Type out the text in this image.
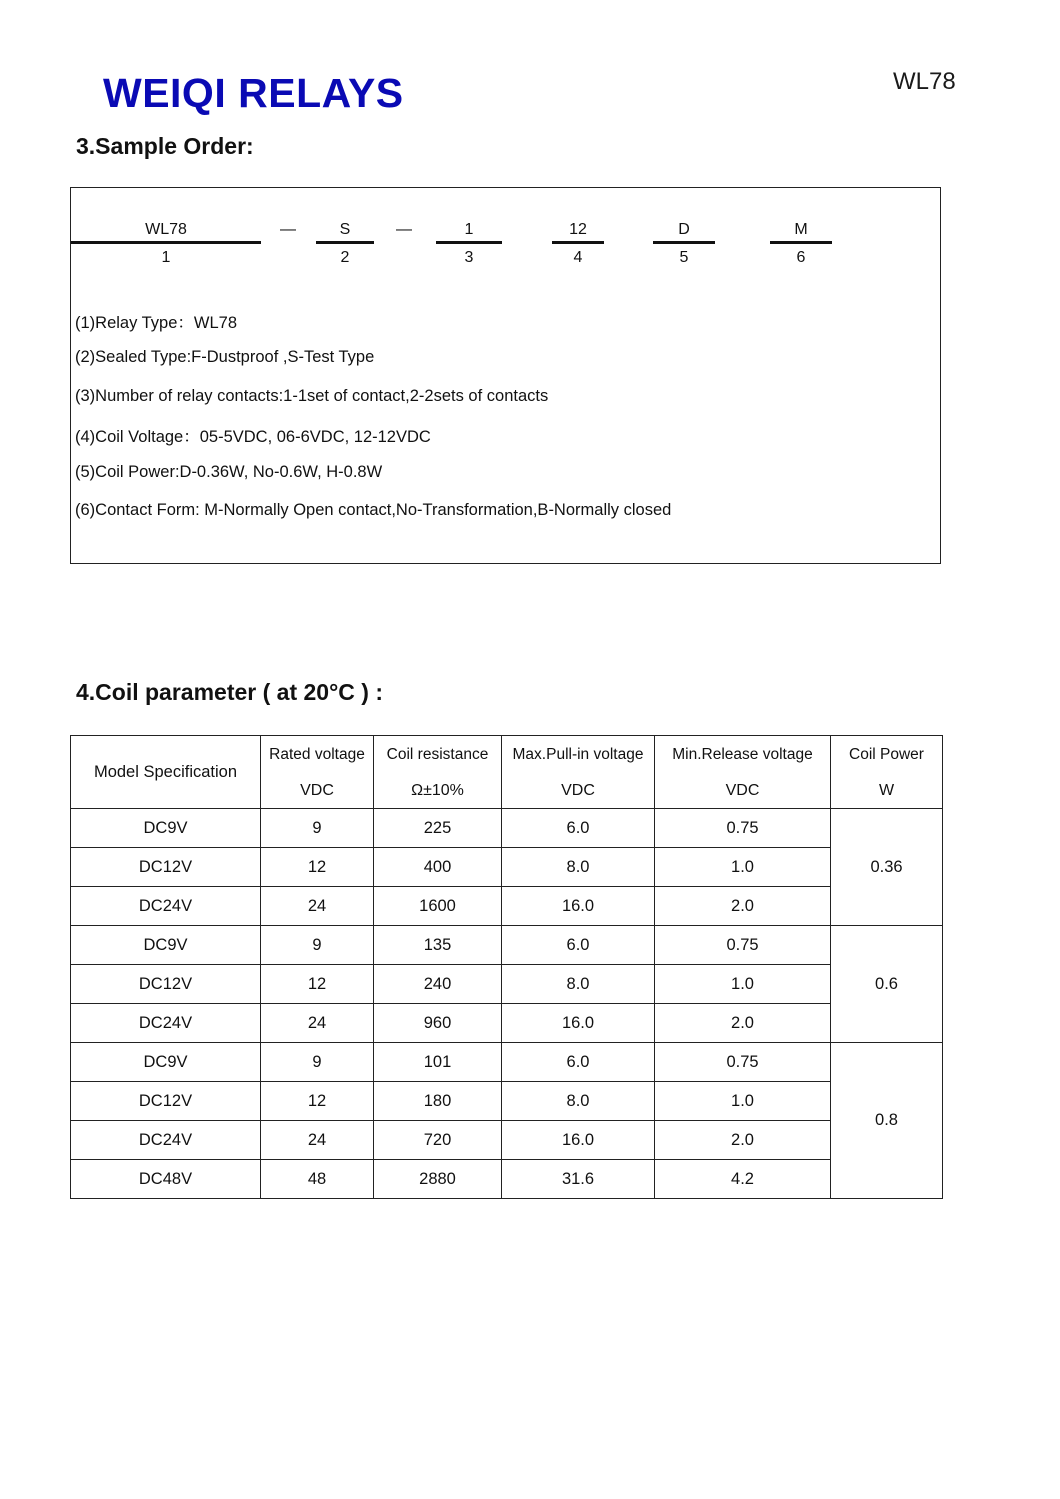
WEIQI RELAYS	WL78
3.Sample Order:
WL78
1
—	S
2
—	1
3
12
4
D
5
M
6
(1)Relay Type：WL78
(2)Sealed Type:F-Dustproof ,S-Test Type
(3)Number of relay contacts:1-1set of contact,2-2sets of contacts
(4)Coil Voltage：05-5VDC, 06-6VDC, 12-12VDC
(5)Coil Power:D-0.36W, No-0.6W, H-0.8W
(6)Contact Form: M-Normally Open contact,No-Transformation,B-Normally closed
4.Coil parameter ( at 20°C ) :
Model Specification	Rated voltage	Coil resistance	Max.Pull-in voltage	Min.Release voltage	Coil Power
	VDC	Ω±10%	VDC	VDC	W
DC9V	9	225	6.0	0.75	0.36
DC12V	12	400	8.0	1.0	
DC24V	24	1600	16.0	2.0	
DC9V	9	135	6.0	0.75	0.6
DC12V	12	240	8.0	1.0	
DC24V	24	960	16.0	2.0	
DC9V	9	101	6.0	0.75	0.8
DC12V	12	180	8.0	1.0	
DC24V	24	720	16.0	2.0	
DC48V	48	2880	31.6	4.2	
